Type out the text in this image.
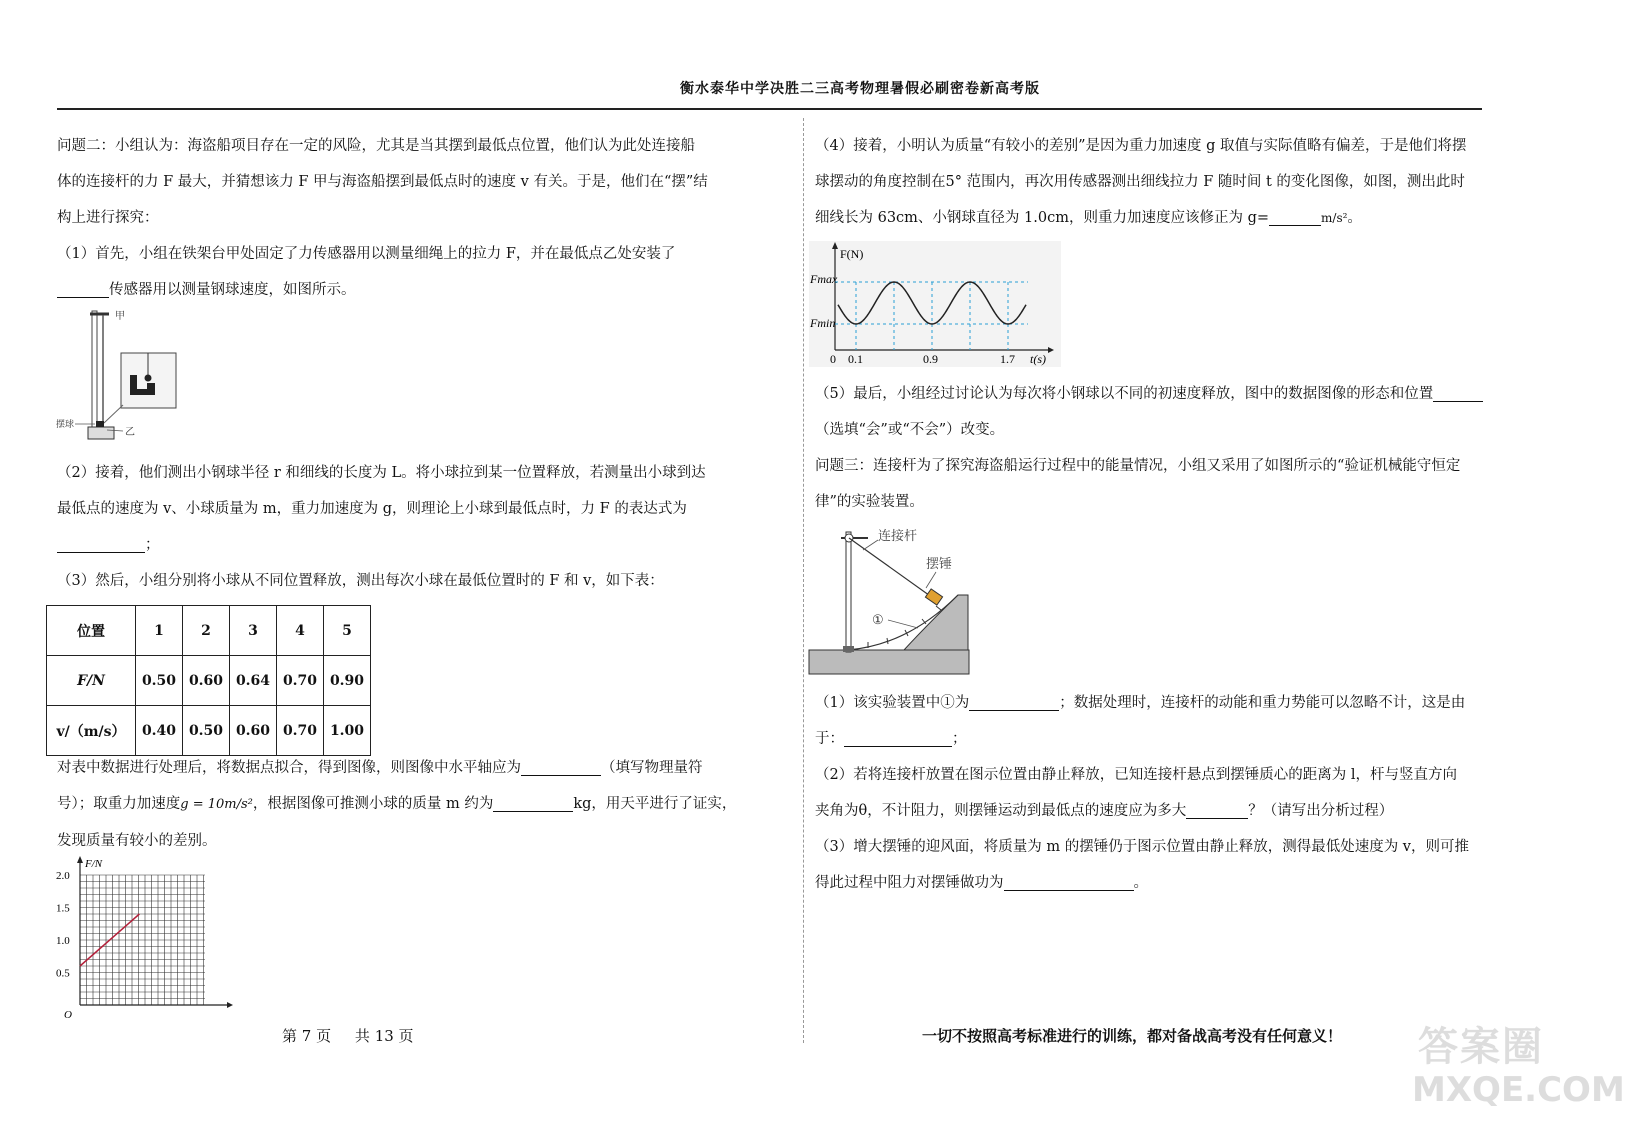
衡水泰华中学决胜二三高考物理暑假必刷密卷新高考版

问题二：小组认为：海盗船项目存在一定的风险，尤其是当其摆到最低点位置，他们认为此处连接船

体的连接杆的力 F 最大，并猜想该力 F 甲与海盗船摆到最低点时的速度 v 有关。于是，他们在“摆”结

构上进行探究：

（1）首先，小组在铁架台甲处固定了力传感器用以测量细绳上的拉力 F，并在最低点乙处安装了

传感器用以测量钢球速度，如图所示。

甲
摆球
乙

（2）接着，他们测出小钢球半径 r 和细线的长度为 L。将小球拉到某一位置释放，若测量出小球到达

最低点的速度为 v、小球质量为 m，重力加速度为 g，则理论上小球到最低点时，力 F 的表达式为

；

（3）然后，小组分别将小球从不同位置释放，测出每次小球在最低位置时的 F 和 v，如下表：

位置	1	2	3	4	5
F/N	0.50	0.60	0.64	0.70	0.90
v/（m/s）	0.40	0.50	0.60	0.70	1.00

对表中数据进行处理后，将数据点拟合，得到图像，则图像中水平轴应为	（填写物理量符

号）；取重力加速度g = 10m/s²，根据图像可推测小球的质量 m 约为	kg，用天平进行了证实，

发现质量有较小的差别。

F/N
O
2.0
1.5
1.0
0.5

（4）接着，小明认为质量“有较小的差别”是因为重力加速度 g 取值与实际值略有偏差，于是他们将摆

球摆动的角度控制在5° 范围内，再次用传感器测出细线拉力 F 随时间 t 的变化图像，如图，测出此时

细线长为 63cm、小钢球直径为 1.0cm，则重力加速度应该修正为 g=	m/s²。

F(N)
Fmax
Fmin
0 0.1	0.9	1.7 t(s)

（5）最后，小组经过讨论认为每次将小钢球以不同的初速度释放，图中的数据图像的形态和位置

（选填“会”或“不会”）改变。

问题三：连接杆为了探究海盗船运行过程中的能量情况，小组又采用了如图所示的“验证机械能守恒定

律”的实验装置。

连接杆
摆锤
①

（1）该实验装置中①为	；数据处理时，连接杆的动能和重力势能可以忽略不计，这是由

于：	；

（2）若将连接杆放置在图示位置由静止释放，已知连接杆悬点到摆锤质心的距离为 l，杆与竖直方向

夹角为θ，不计阻力，则摆锤运动到最低点的速度应为多大	？（请写出分析过程）

（3）增大摆锤的迎风面，将质量为 m 的摆锤仍于图示位置由静止释放，测得最低处速度为 v，则可推

得此过程中阻力对摆锤做功为	。

第 7 页     共 13 页	一切不按照高考标准进行的训练，都对备战高考没有任何意义！ 答案圈
MXQE.COM
